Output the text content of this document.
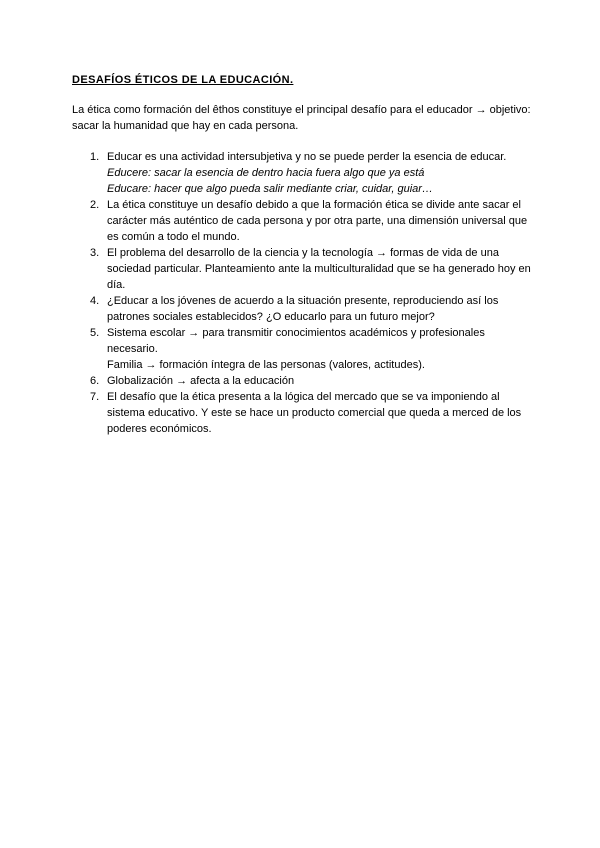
DESAFÍOS ÉTICOS DE LA EDUCACIÓN.

La ética como formación del êthos constituye el principal desafío para el educador → objetivo: sacar la humanidad que hay en cada persona.

1. Educar es una actividad intersubjetiva y no se puede perder la esencia de educar.
Educere: sacar la esencia de dentro hacia fuera algo que ya está
Educare: hacer que algo pueda salir mediante criar, cuidar, guiar…
2. La ética constituye un desafío debido a que la formación ética se divide ante sacar el carácter más auténtico de cada persona y por otra parte, una dimensión universal que es común a todo el mundo.
3. El problema del desarrollo de la ciencia y la tecnología → formas de vida de una sociedad particular. Planteamiento ante la multiculturalidad que se ha generado hoy en día.
4. ¿Educar a los jóvenes de acuerdo a la situación presente, reproduciendo así los patrones sociales establecidos? ¿O educarlo para un futuro mejor?
5. Sistema escolar → para transmitir conocimientos académicos y profesionales necesario.
Familia → formación íntegra de las personas (valores, actitudes).
6. Globalización → afecta a la educación
7. El desafío que la ética presenta a la lógica del mercado que se va imponiendo al sistema educativo. Y este se hace un producto comercial que queda a merced de los poderes económicos.
